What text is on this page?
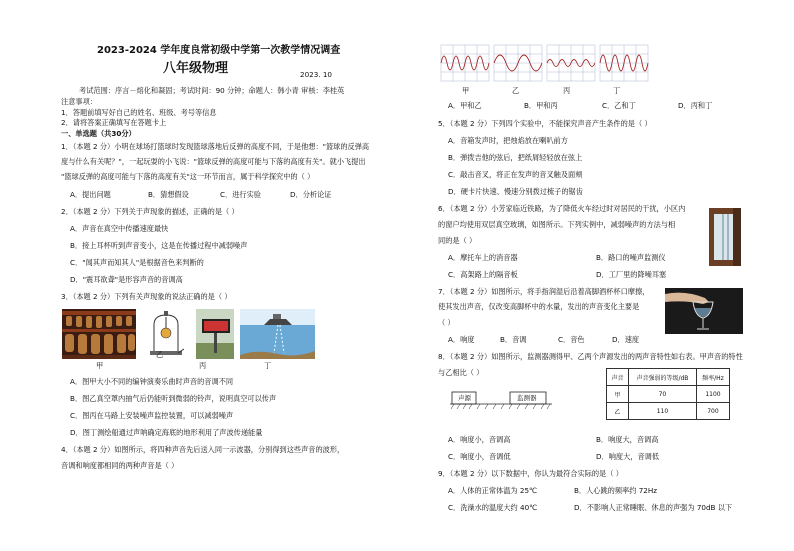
2023-2024 学年度良常初级中学第一次教学情况调查
八年级物理	2023. 10
考试范围：序言－熔化和凝固；考试时间：90 分钟；命题人：韩小青 审核：李桂英
注意事项：
1．答题前填写好自己的姓名、班级、考号等信息
2．请将答案正确填写在答题卡上
一、单选题（共30分）
1．（本题 2 分）小明在球场打篮球时发现篮球落地后反弹的高度不同，于是他想："篮球的反弹高
度与什么有关呢？"，一起玩耍的小飞说："篮球反弹的高度可能与下落的高度有关"。就小飞提出
"篮球反弹的高度可能与下落的高度有关"这一环节而言，属于科学探究中的（ ）
A．提出问题	B．猜想假设	C．进行实验	D．分析论证
2．（本题 2 分）下列关于声现象的描述，正确的是（ ）
A．声音在真空中传播速度最快
B．接上耳杯听到声音变小，这是在传播过程中减弱噪声
C．"闻其声而知其人"是根据音色来判断的
D．"震耳欲聋"是形容声音的音调高
3．（本题 2 分）下列有关声现象的说法正确的是（ ）
甲
乙
丙	丁
A．图甲大小不同的编钟演奏乐曲时声音的音调不同
B．图乙真空罩内抽气后仍能听到微弱的铃声，说明真空可以传声
C．图丙在马路上安装噪声监控装置，可以减弱噪声
D．图丁测绘船通过声呐确定海底的地形利用了声波传递能量
4．（本题 2 分）如图所示，将四种声音先后送入同一示波器，分别得到这些声音的波形，
音调和响度都相同的两种声音是（ ）
甲	乙	丙	丁
A．甲和乙	B．甲和丙	C．乙和丁	D．丙和丁
5．（本题 2 分）下列四个实验中，不能探究声音产生条件的是（ ）
A．音箱发声时，把烛焰放在喇叭前方
B．弹拨吉他的弦后，把纸屑轻轻放在弦上
C．敲击音叉，将正在发声的音叉触及面颊
D．硬卡片快速、慢速分别拨过梳子的锯齿
6．（本题 2 分）小芳家临近铁路，为了降低火车经过时对居民的干扰，小区内
的窗户均使用双层真空玻璃，如图所示。下列实例中，减弱噪声的方法与相
同的是（ ）
A．摩托车上的消音器	B．路口的噪声监测仪
C．高架路上的隔音板	D．工厂里的降噪耳塞
7．（本题 2 分）如图所示，将手指润湿后沿着高脚酒杯杯口摩擦，
使其发出声音，仅改变高脚杯中的水量，发出的声音变化主要是
（ ）
A．响度	B．音调	C．音色	D．速度
8．（本题 2 分）如图所示，监测器测得甲、乙两个声源发出的两声音特性如右表。甲声音的特性
与乙相比（ ）
声源	监测器
声音	声音强弱的等级/dB	频率/Hz
甲	70	1100
乙	110	700
A．响度小，音调高	B．响度大，音调高
C．响度小，音调低	D．响度大，音调低
9．（本题 2 分）以下数据中，你认为最符合实际的是（ ）
A．人体的正常体温为 25℃	B．人心跳的频率约 72Hz
C．洗澡水的温度大约 40℃	D．不影响人正常睡眠、休息的声强为 70dB 以下
